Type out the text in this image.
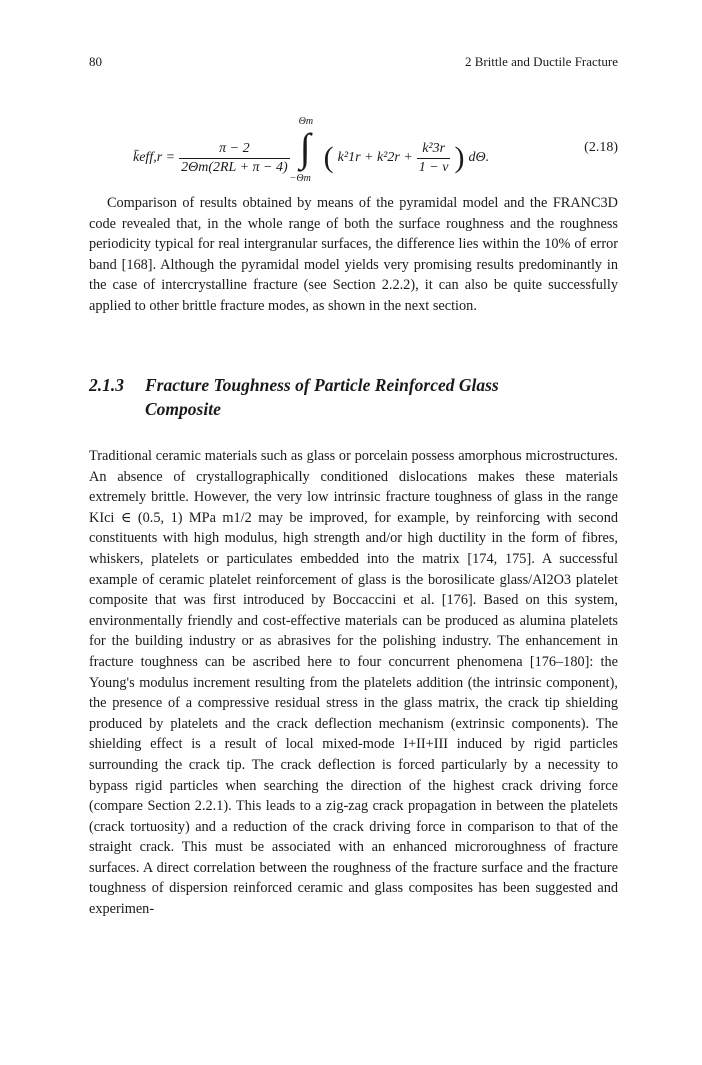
80	2 Brittle and Ductile Fracture
k̄eff,r = $\frac{\pi - 2}{2\Theta m(2RL + \pi - 4)}$
Θm
∫
−Θm
( $k^21r + k^22r + \frac{\text{k²3r}}{1 - \nu}$ ) dΘ.
(2.18)

Comparison of results obtained by means of the pyramidal model and the FRANC3D code revealed that, in the whole range of both the surface roughness and the roughness periodicity typical for real intergranular surfaces, the difference lies within the 10% of error band [168]. Although the pyramidal model yields very promising results predominantly in the case of intercrystalline fracture (see Section 2.2.2), it can also be quite successfully applied to other brittle fracture modes, as shown in the next section.

2.1.3 Fracture Toughness of Particle Reinforced Glass
Composite

Traditional ceramic materials such as glass or porcelain possess amorphous microstructures. An absence of crystallographically conditioned dislocations makes these materials extremely brittle. However, the very low intrinsic fracture toughness of glass in the range KIci ∈ (0.5, 1) MPa m1/2 may be improved, for example, by reinforcing with second constituents with high modulus, high strength and/or high ductility in the form of fibres, whiskers, platelets or particulates embedded into the matrix [174, 175]. A successful example of ceramic platelet reinforcement of glass is the borosilicate glass/Al2O3 platelet composite that was first introduced by Boccaccini et al. [176]. Based on this system, environmentally friendly and cost-effective materials can be produced as alumina platelets for the building industry or as abrasives for the polishing industry. The enhancement in fracture toughness can be ascribed here to four concurrent phenomena [176–180]: the Young's modulus increment resulting from the platelets addition (the intrinsic component), the presence of a compressive residual stress in the glass matrix, the crack tip shielding produced by platelets and the crack deflection mechanism (extrinsic components). The shielding effect is a result of local mixed-mode I+II+III induced by rigid particles surrounding the crack tip. The crack deflection is forced particularly by a necessity to bypass rigid particles when searching the direction of the highest crack driving force (compare Section 2.2.1). This leads to a zig-zag crack propagation in between the platelets (crack tortuosity) and a reduction of the crack driving force in comparison to that of the straight crack. This must be associated with an enhanced microroughness of fracture surfaces. A direct correlation between the roughness of the fracture surface and the fracture toughness of dispersion reinforced ceramic and glass composites has been suggested and experimen-
